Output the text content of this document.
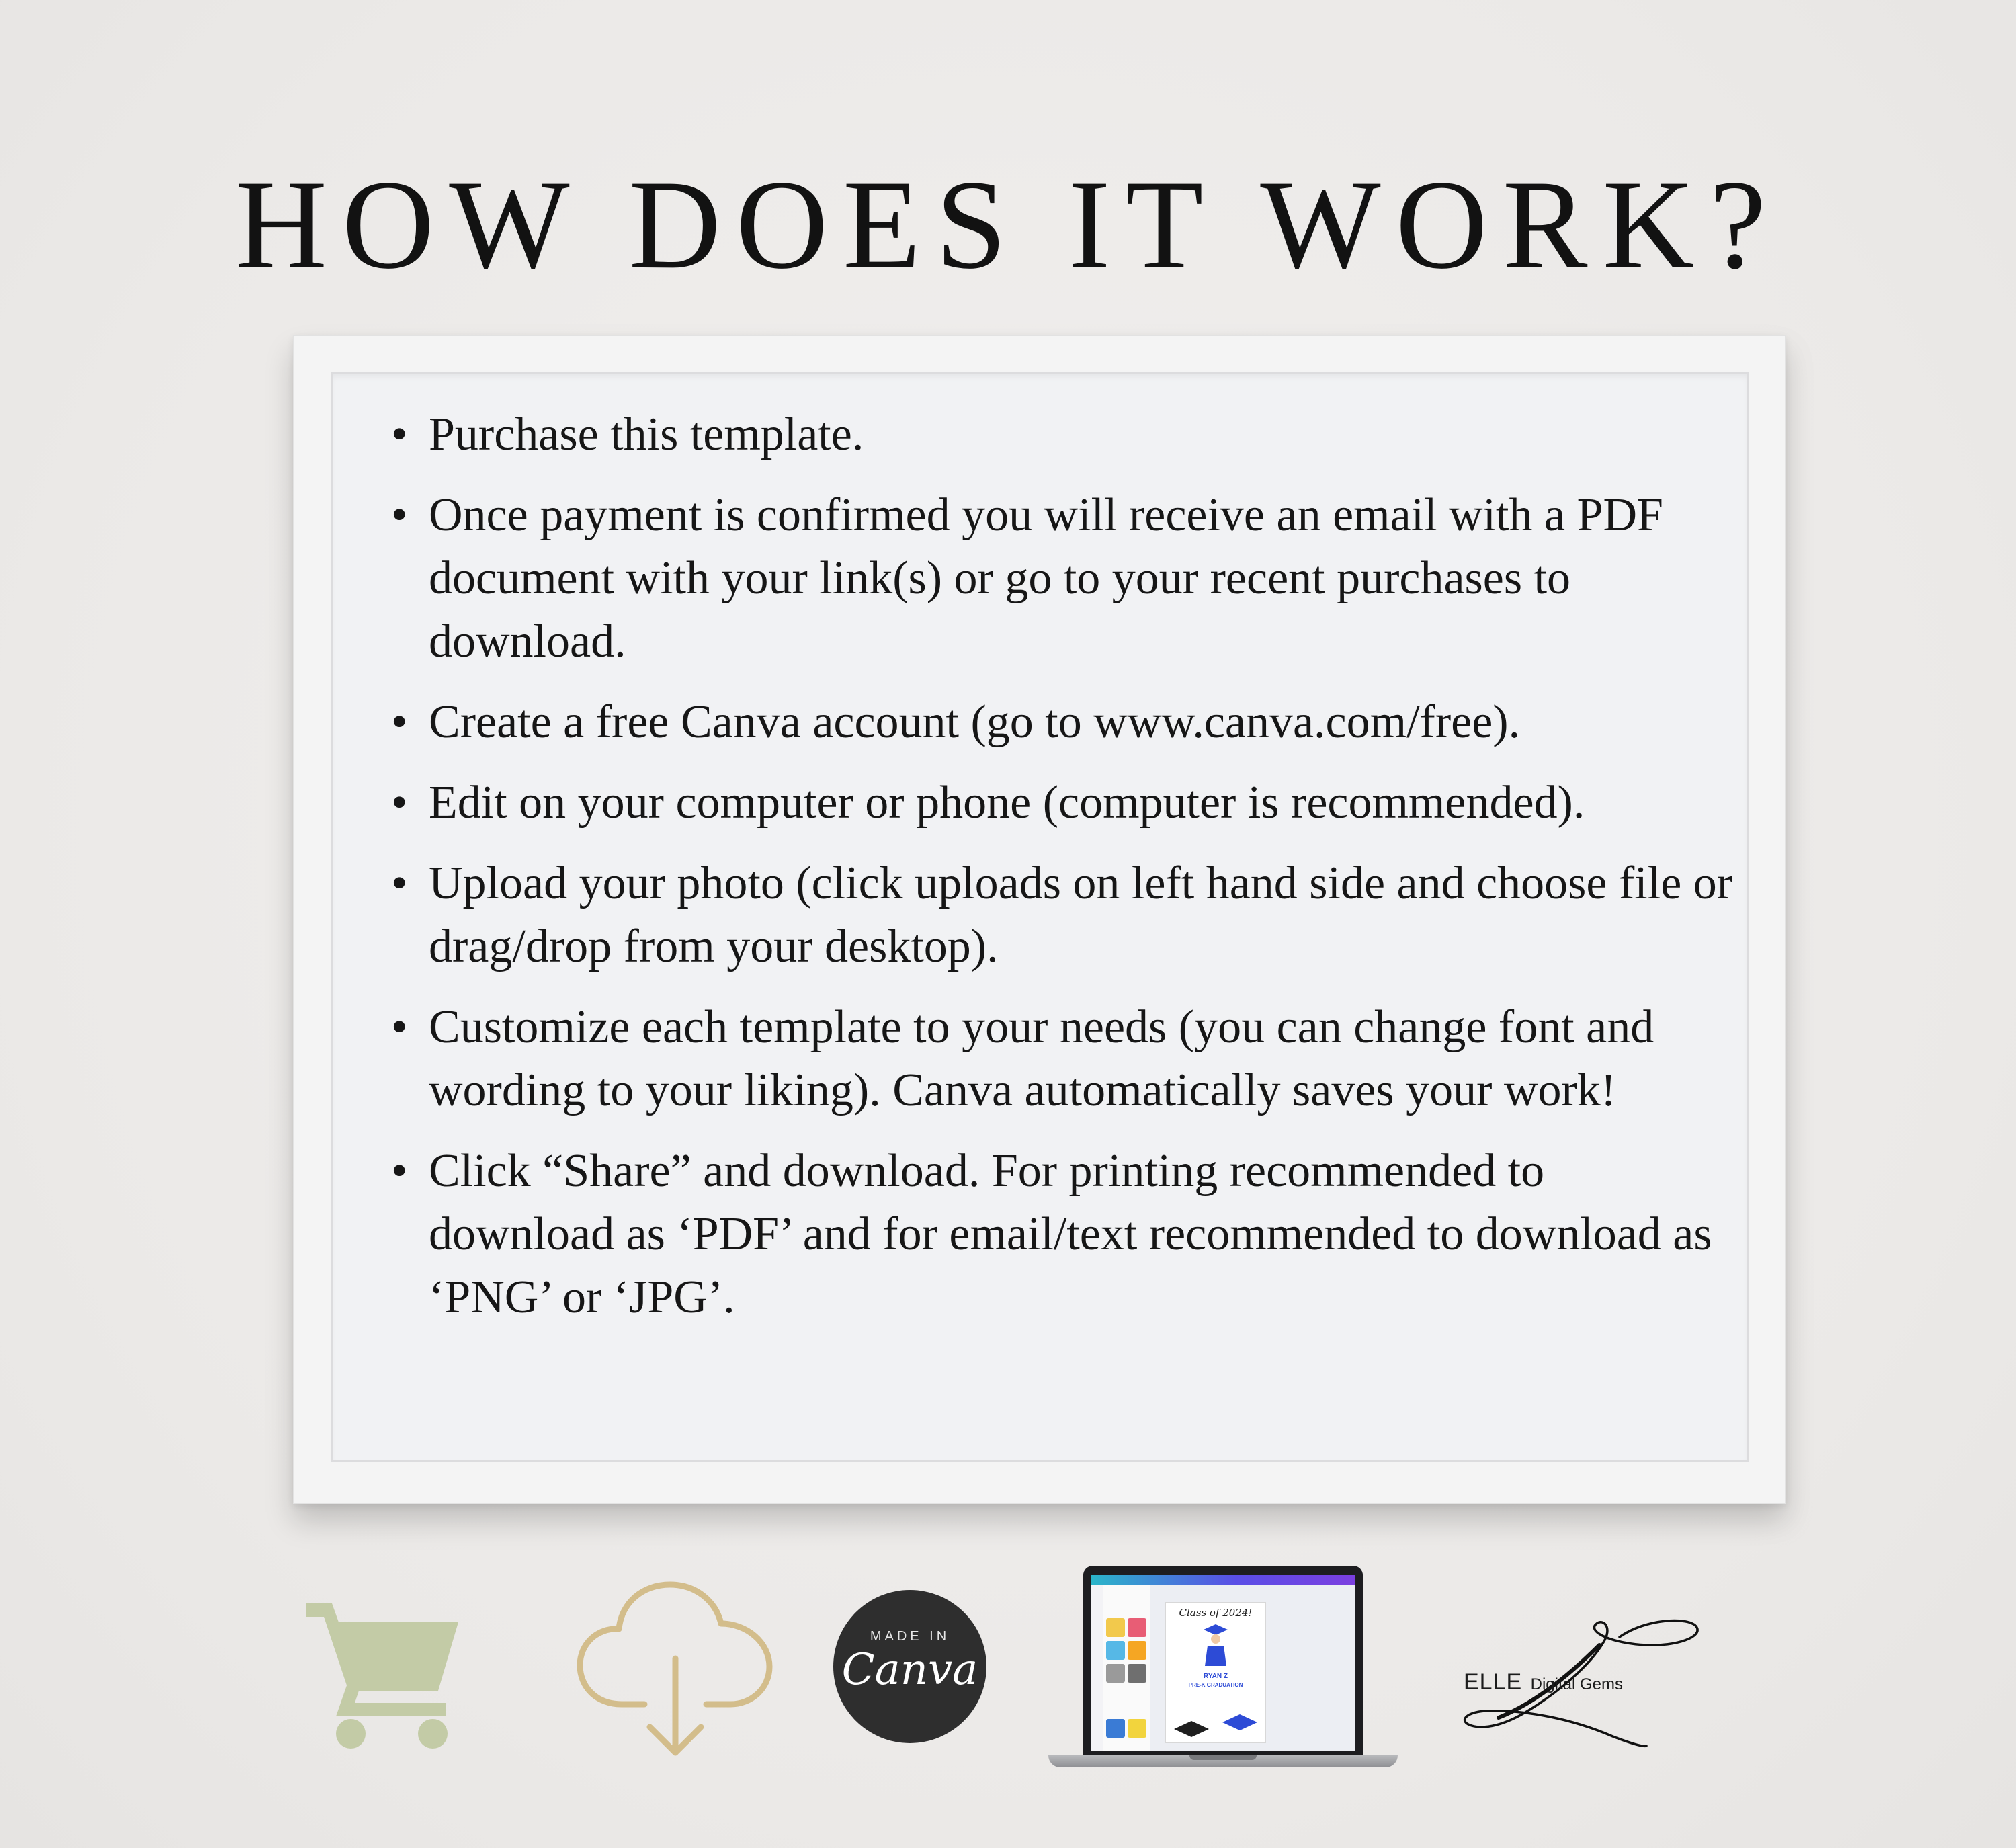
HOW DOES IT WORK?
• Purchase this template.
• Once payment is confirmed you will receive an email with a PDF document with your link(s) or go to your recent purchases to download.
• Create a free Canva account (go to www.canva.com/free).
• Edit on your computer or phone (computer is recommended).
• Upload your photo (click uploads on left hand side and choose file or drag/drop from your desktop).
• Customize each template to your needs (you can change font and wording to your liking). Canva automatically saves your work!
• Click “Share” and download. For printing recommended to download as ‘PDF’ and for email/text recommended to download as ‘PNG’ or ‘JPG’.
MADE IN
Canva
Class of 2024!
RYAN Z
PRE-K GRADUATION	ELLE Digital Gems
